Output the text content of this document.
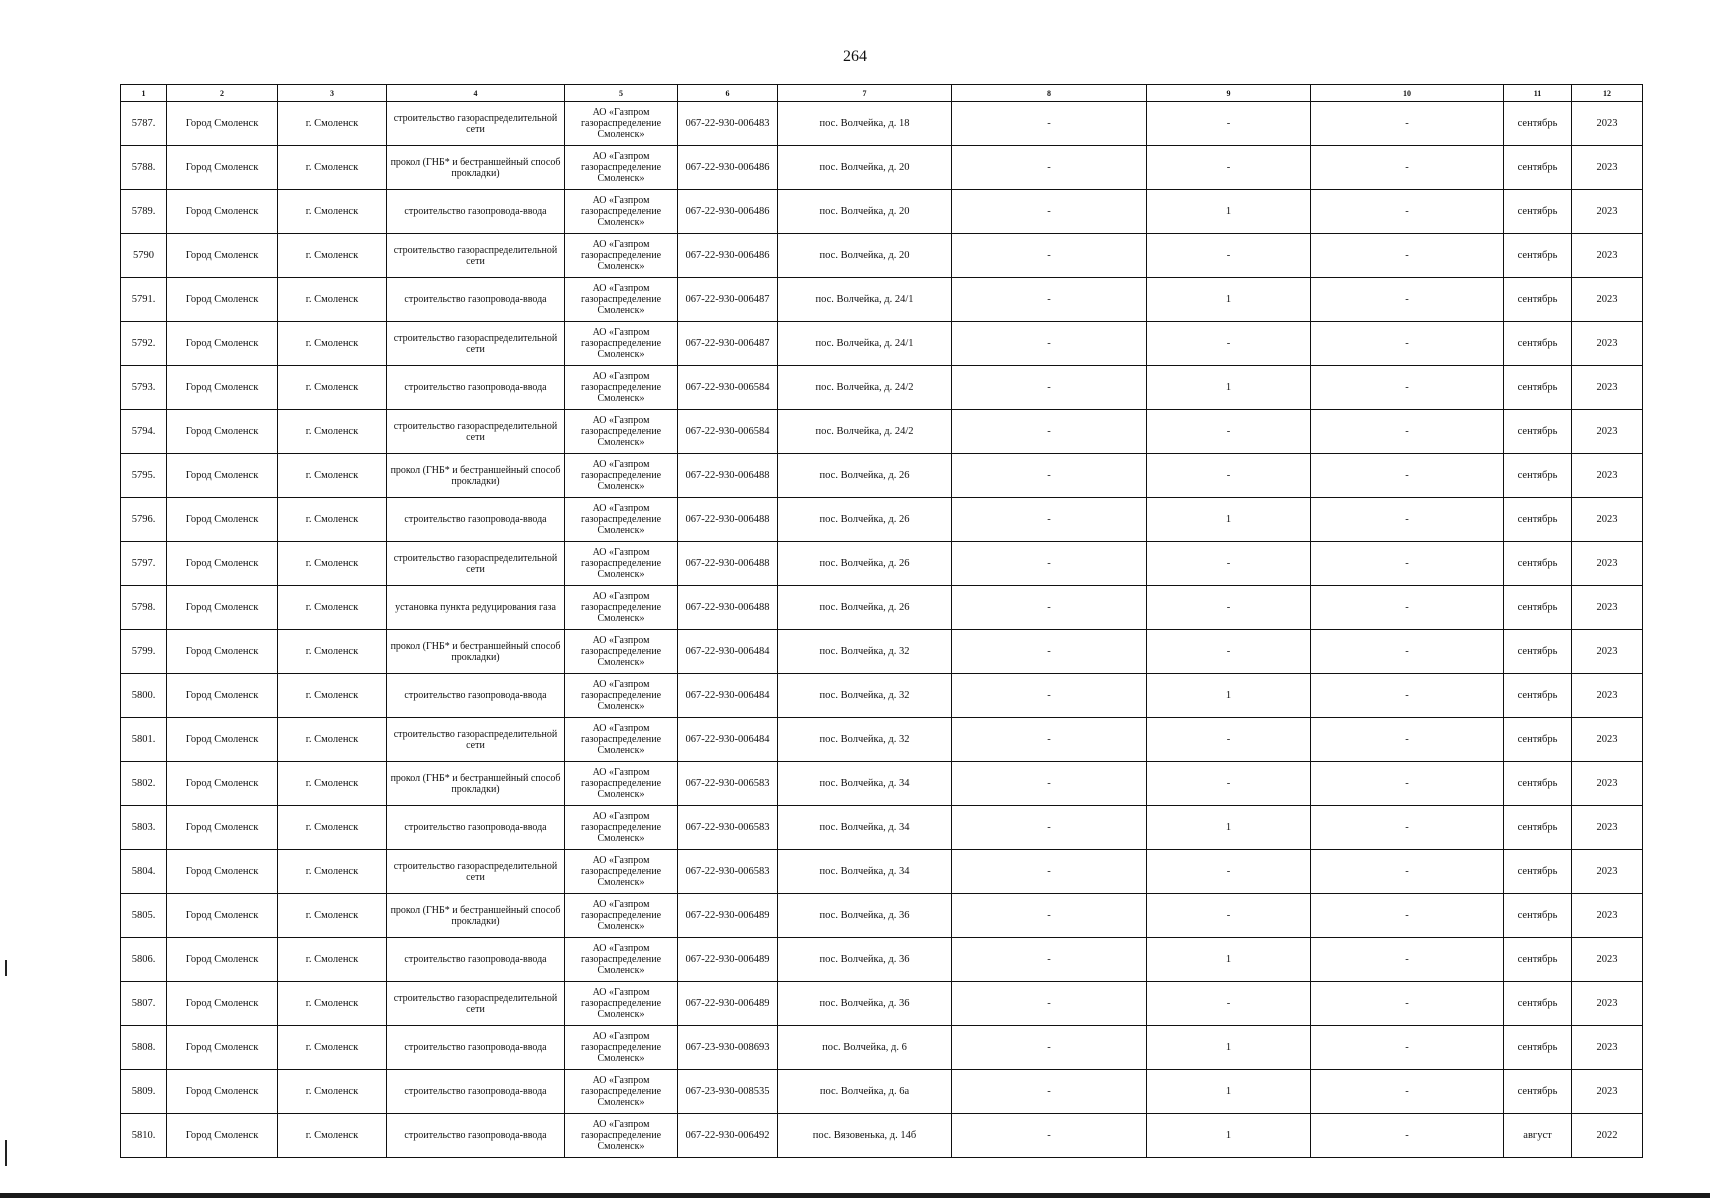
264
1	2	3	4	5	6	7	8	9	10	11	12
5787.	Город Смоленск	г. Смоленск	строительство газораспределительной сети	АО «Газпром газораспределение Смоленск»	067-22-930-006483	пос. Волчейка, д. 18	-	-	-	сентябрь	2023
5788.	Город Смоленск	г. Смоленск	прокол (ГНБ* и бестраншейный способ прокладки)	АО «Газпром газораспределение Смоленск»	067-22-930-006486	пос. Волчейка, д. 20	-	-	-	сентябрь	2023
5789.	Город Смоленск	г. Смоленск	строительство газопровода-ввода	АО «Газпром газораспределение Смоленск»	067-22-930-006486	пос. Волчейка, д. 20	-	1	-	сентябрь	2023
5790	Город Смоленск	г. Смоленск	строительство газораспределительной сети	АО «Газпром газораспределение Смоленск»	067-22-930-006486	пос. Волчейка, д. 20	-	-	-	сентябрь	2023
5791.	Город Смоленск	г. Смоленск	строительство газопровода-ввода	АО «Газпром газораспределение Смоленск»	067-22-930-006487	пос. Волчейка, д. 24/1	-	1	-	сентябрь	2023
5792.	Город Смоленск	г. Смоленск	строительство газораспределительной сети	АО «Газпром газораспределение Смоленск»	067-22-930-006487	пос. Волчейка, д. 24/1	-	-	-	сентябрь	2023
5793.	Город Смоленск	г. Смоленск	строительство газопровода-ввода	АО «Газпром газораспределение Смоленск»	067-22-930-006584	пос. Волчейка, д. 24/2	-	1	-	сентябрь	2023
5794.	Город Смоленск	г. Смоленск	строительство газораспределительной сети	АО «Газпром газораспределение Смоленск»	067-22-930-006584	пос. Волчейка, д. 24/2	-	-	-	сентябрь	2023
5795.	Город Смоленск	г. Смоленск	прокол (ГНБ* и бестраншейный способ прокладки)	АО «Газпром газораспределение Смоленск»	067-22-930-006488	пос. Волчейка, д. 26	-	-	-	сентябрь	2023
5796.	Город Смоленск	г. Смоленск	строительство газопровода-ввода	АО «Газпром газораспределение Смоленск»	067-22-930-006488	пос. Волчейка, д. 26	-	1	-	сентябрь	2023
5797.	Город Смоленск	г. Смоленск	строительство газораспределительной сети	АО «Газпром газораспределение Смоленск»	067-22-930-006488	пос. Волчейка, д. 26	-	-	-	сентябрь	2023
5798.	Город Смоленск	г. Смоленск	установка пункта редуцирования газа	АО «Газпром газораспределение Смоленск»	067-22-930-006488	пос. Волчейка, д. 26	-	-	-	сентябрь	2023
5799.	Город Смоленск	г. Смоленск	прокол (ГНБ* и бестраншейный способ прокладки)	АО «Газпром газораспределение Смоленск»	067-22-930-006484	пос. Волчейка, д. 32	-	-	-	сентябрь	2023
5800.	Город Смоленск	г. Смоленск	строительство газопровода-ввода	АО «Газпром газораспределение Смоленск»	067-22-930-006484	пос. Волчейка, д. 32	-	1	-	сентябрь	2023
5801.	Город Смоленск	г. Смоленск	строительство газораспределительной сети	АО «Газпром газораспределение Смоленск»	067-22-930-006484	пос. Волчейка, д. 32	-	-	-	сентябрь	2023
5802.	Город Смоленск	г. Смоленск	прокол (ГНБ* и бестраншейный способ прокладки)	АО «Газпром газораспределение Смоленск»	067-22-930-006583	пос. Волчейка, д. 34	-	-	-	сентябрь	2023
5803.	Город Смоленск	г. Смоленск	строительство газопровода-ввода	АО «Газпром газораспределение Смоленск»	067-22-930-006583	пос. Волчейка, д. 34	-	1	-	сентябрь	2023
5804.	Город Смоленск	г. Смоленск	строительство газораспределительной сети	АО «Газпром газораспределение Смоленск»	067-22-930-006583	пос. Волчейка, д. 34	-	-	-	сентябрь	2023
5805.	Город Смоленск	г. Смоленск	прокол (ГНБ* и бестраншейный способ прокладки)	АО «Газпром газораспределение Смоленск»	067-22-930-006489	пос. Волчейка, д. 36	-	-	-	сентябрь	2023
5806.	Город Смоленск	г. Смоленск	строительство газопровода-ввода	АО «Газпром газораспределение Смоленск»	067-22-930-006489	пос. Волчейка, д. 36	-	1	-	сентябрь	2023
5807.	Город Смоленск	г. Смоленск	строительство газораспределительной сети	АО «Газпром газораспределение Смоленск»	067-22-930-006489	пос. Волчейка, д. 36	-	-	-	сентябрь	2023
5808.	Город Смоленск	г. Смоленск	строительство газопровода-ввода	АО «Газпром газораспределение Смоленск»	067-23-930-008693	пос. Волчейка, д. 6	-	1	-	сентябрь	2023
5809.	Город Смоленск	г. Смоленск	строительство газопровода-ввода	АО «Газпром газораспределение Смоленск»	067-23-930-008535	пос. Волчейка, д. 6а	-	1	-	сентябрь	2023
5810.	Город Смоленск	г. Смоленск	строительство газопровода-ввода	АО «Газпром газораспределение Смоленск»	067-22-930-006492	пос. Вязовенька, д. 14б	-	1	-	август	2022
